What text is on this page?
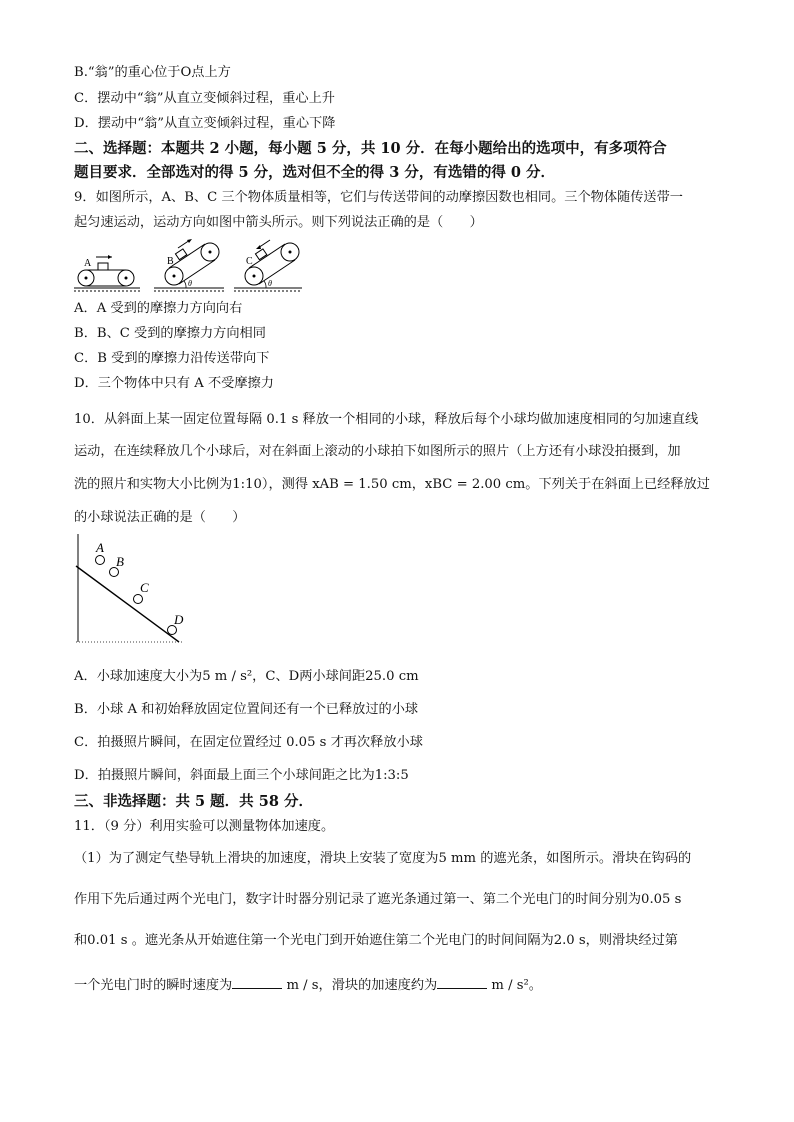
B.“翁”的重心位于O点上方
C．摆动中“翁”从直立变倾斜过程，重心上升
D．摆动中“翁”从直立变倾斜过程，重心下降
二、选择题：本题共 2 小题，每小题 5 分，共 10 分．在每小题给出的选项中，有多项符合
题目要求．全部选对的得 5 分，选对但不全的得 3 分，有选错的得 0 分．
9．如图所示，A、B、C 三个物体质量相等，它们与传送带间的动摩擦因数也相同。三个物体随传送带一
起匀速运动，运动方向如图中箭头所示。则下列说法正确的是（　　）
A	B
θ
C
θ
A．A 受到的摩擦力方向向右
B．B、C 受到的摩擦力方向相同
C．B 受到的摩擦力沿传送带向下
D．三个物体中只有 A 不受摩擦力
10．从斜面上某一固定位置每隔 0.1 s 释放一个相同的小球，释放后每个小球均做加速度相同的匀加速直线
运动，在连续释放几个小球后，对在斜面上滚动的小球拍下如图所示的照片（上方还有小球没拍摄到，加
洗的照片和实物大小比例为1:10），测得 xAB = 1.50 cm，xBC = 2.00 cm。下列关于在斜面上已经释放过
的小球说法正确的是（　　）
A
B
C
D
A．小球加速度大小为5 m / s²，C、D两小球间距25.0 cm
B．小球 A 和初始释放固定位置间还有一个已释放过的小球
C．拍摄照片瞬间，在固定位置经过 0.05 s 才再次释放小球
D．拍摄照片瞬间，斜面最上面三个小球间距之比为1:3:5
三、非选择题：共 5 题．共 58 分．
11．（9 分）利用实验可以测量物体加速度。
（1）为了测定气垫导轨上滑块的加速度，滑块上安装了宽度为5 mm 的遮光条，如图所示。滑块在钩码的
作用下先后通过两个光电门，数字计时器分别记录了遮光条通过第一、第二个光电门的时间分别为0.05 s
和0.01 s 。遮光条从开始遮住第一个光电门到开始遮住第二个光电门的时间间隔为2.0 s，则滑块经过第
一个光电门时的瞬时速度为	m / s，滑块的加速度约为	m / s²。
